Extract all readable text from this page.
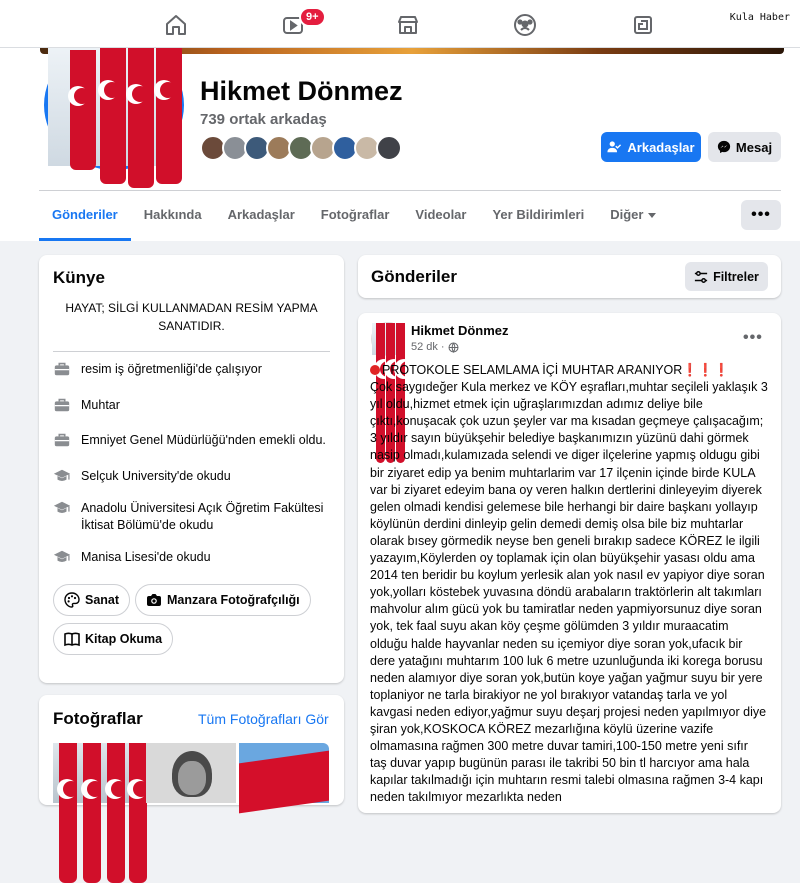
9+	Kula Haber
Hikmet Dönmez
739 ortak arkadaş
Arkadaşlar	Mesaj
Gönderiler	Hakkında	Arkadaşlar	Fotoğraflar	Videolar	Yer Bildirimleri	Diğer	•••
Künye
HAYAT; SİLGİ KULLANMADAN RESİM YAPMA SANATIDIR.
resim iş öğretmenliği'de çalışıyor
Muhtar
Emniyet Genel Müdürlüğü'nden emekli oldu.
Selçuk University'de okudu
Anadolu Üniversitesi Açık Öğretim Fakültesi İktisat Bölümü'de okudu
Manisa Lisesi'de okudu
Sanat	Manzara Fotoğrafçılığı
Kitap Okuma
Fotoğraflar	Tüm Fotoğrafları Gör
Gönderiler	Filtreler
Hikmet Dönmez
52 dk ·
•••

PROTOKOLE SELAMLAMA İÇİ MUHTAR ARANIYOR❗❗❗

Çok saygıdeğer Kula merkez ve KÖY eşrafları,muhtar seçileli yaklaşık 3 yıl oldu,hizmet etmek için uğraşlarımızdan adımız deliye bile çıktı,konuşacak çok uzun şeyler var ma kısadan geçmeye çalışacağım; 3 yıldır sayın büyükşehir belediye başkanımızın yüzünü dahi görmek nasip olmadı,kulamızada selendi ve diger ilçelerine yapmış oldugu gibi bir ziyaret edip ya benim muhtarlarim var 17 ilçenin içinde birde KULA var bi ziyaret edeyim bana oy veren halkın dertlerini dinleyeyim diyerek gelen olmadi kendisi gelemese bile herhangi bir daire başkanı yollayıp köylünün derdini dinleyip gelin demedi demiş olsa bile biz muhtarlar olarak bısey görmedik neyse ben geneli bırakıp sadece KÖREZ le ilgili yazayım,Köylerden oy toplamak için olan büyükşehir yasası oldu ama 2014 ten beridir bu koylum yerlesik alan yok nasıl ev yapiyor diye soran yok,yolları köstebek yuvasına döndü arabaların traktörlerin alt takımları mahvolur alım gücü yok bu tamiratlar neden yapmiyorsunuz diye soran yok, tek faal suyu akan köy çeşme gölümden 3 yıldır muraacatim olduğu halde hayvanlar neden su içemiyor diye soran yok,ufacık bir dere yatağını muhtarım 100 luk 6 metre uzunluğunda iki korega borusu neden alamıyor diye soran yok,butün koye yağan yağmur suyu bir yere toplaniyor ne tarla birakiyor ne yol bırakıyor vatandaş tarla ve yol kavgasi neden ediyor,yağmur suyu deşarj projesi neden yapılmıyor diye şiran yok,KOSKOCA KÖREZ mezarlığına köylü üzerine vazife olmamasına rağmen 300 metre duvar tamiri,100-150 metre yeni sıfır taş duvar yapıp bugünün parası ile takribi 50 bin tl harcıyor ama hala kapılar takılmadığı için muhtarın resmi talebi olmasına rağmen 3-4 kapı neden takılmıyor mezarlıkta neden
